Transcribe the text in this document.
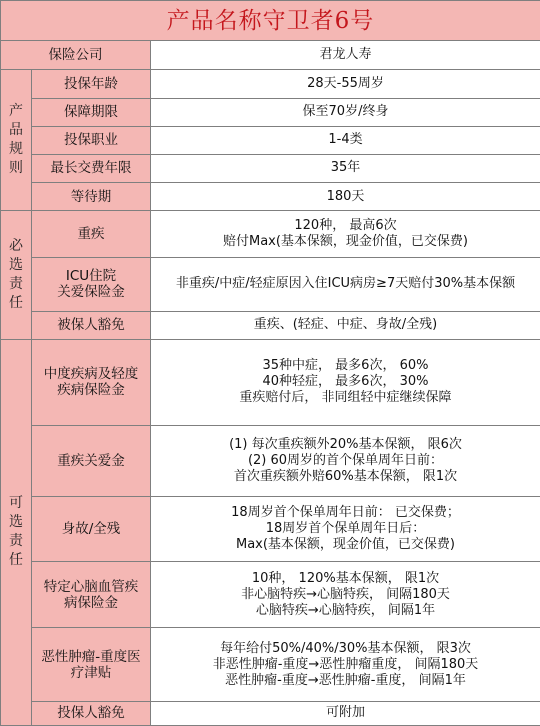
产品名称守卫者6号		
保险公司		君龙人寿

产
品
规
则	投保年龄	28天-55周岁
	保障期限	保至70岁/终身
	投保职业	1-4类
	最长交费年限	35年
	等待期	180天

必
选
责
任	重疾	120种， 最高6次
赔付Max(基本保额，现金价值，已交保费)

	ICU住院
关爱保险金	非重疾/中症/轻症原因入住ICU病房≥7天赔付30%基本保额

	被保人豁免	重疾、(轻症、中症、身故/全残)

可
选
责
任	中度疾病及轻度
疾病保险金	35种中症， 最多6次， 60%
40种轻症， 最多6次， 30%
重疾赔付后， 非同组轻中症继续保障

	重疾关爱金	(1) 每次重疾额外20%基本保额， 限6次
(2) 60周岁的首个保单周年日前：
首次重疾额外赔60%基本保额， 限1次

	身故/全残	18周岁首个保单周年日前： 已交保费；
18周岁首个保单周年日后：
Max(基本保额，现金价值，已交保费)

	特定心脑血管疾
病保险金	10种， 120%基本保额， 限1次
非心脑特疾→心脑特疾， 间隔180天
心脑特疾→心脑特疾， 间隔1年

	恶性肿瘤-重度医
疗津贴	每年给付50%/40%/30%基本保额， 限3次
非恶性肿瘤-重度→恶性肿瘤重度， 间隔180天
恶性肿瘤-重度→恶性肿瘤-重度， 间隔1年

	投保人豁免	可附加
